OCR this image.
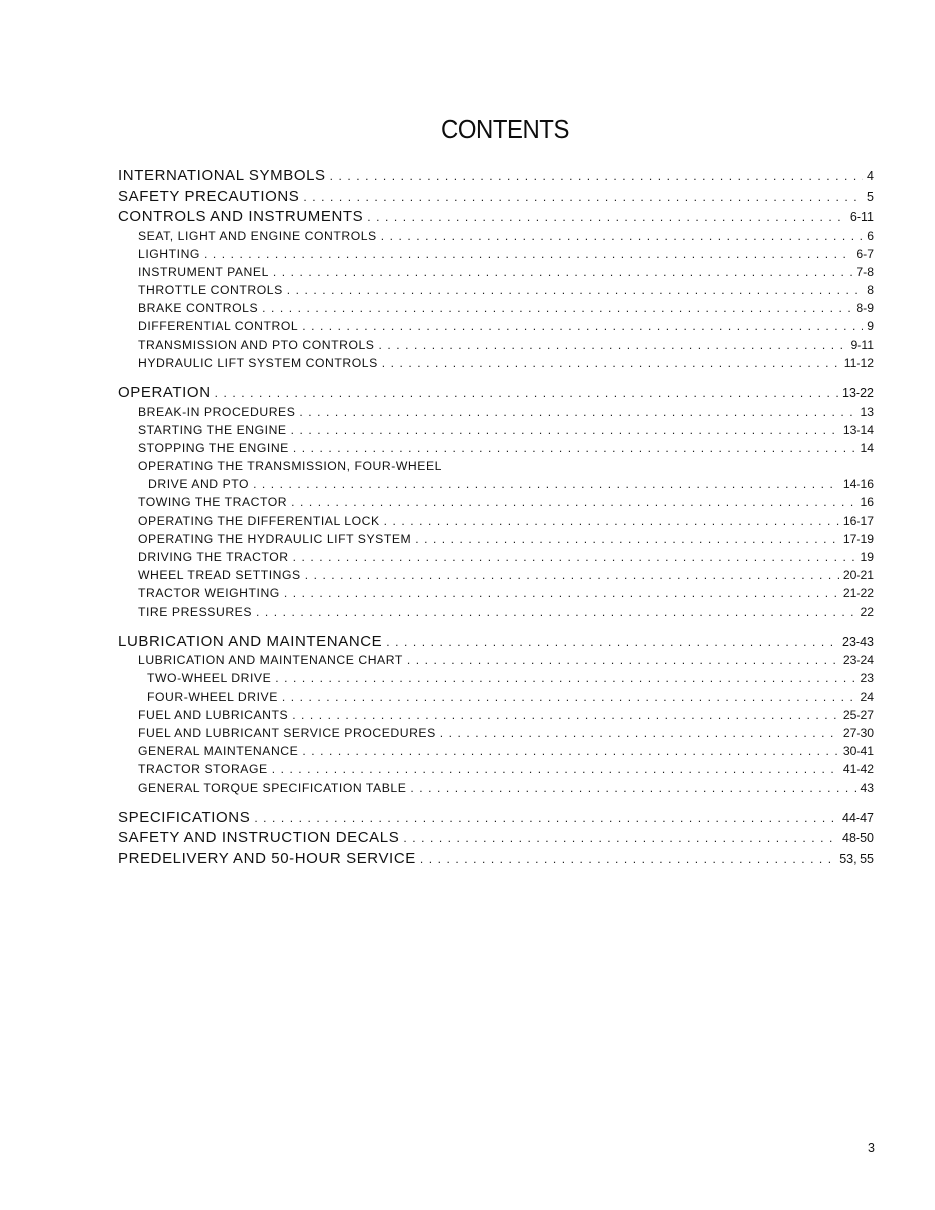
CONTENTS
INTERNATIONAL SYMBOLS . . .	4
SAFETY PRECAUTIONS . . .	5
CONTROLS AND INSTRUMENTS . . .	6-11
SEAT, LIGHT AND ENGINE CONTROLS . . .	6
LIGHTING . . .	6-7
INSTRUMENT PANEL . . .	7-8
THROTTLE CONTROLS . . .	8
BRAKE CONTROLS . . .	8-9
DIFFERENTIAL CONTROL . . .	9
TRANSMISSION AND PTO CONTROLS . . .	9-11
HYDRAULIC LIFT SYSTEM CONTROLS . . .	11-12
OPERATION . . .	13-22
BREAK-IN PROCEDURES . . .	13
STARTING THE ENGINE . . .	13-14
STOPPING THE ENGINE . . .	14
OPERATING THE TRANSMISSION, FOUR-WHEEL
DRIVE AND PTO . . .	14-16
TOWING THE TRACTOR . . .	16
OPERATING THE DIFFERENTIAL LOCK . . .	16-17
OPERATING THE HYDRAULIC LIFT SYSTEM . . .	17-19
DRIVING THE TRACTOR . . .	19
WHEEL TREAD SETTINGS . . .	20-21
TRACTOR WEIGHTING . . .	21-22
TIRE PRESSURES . . .	22
LUBRICATION AND MAINTENANCE . . .	23-43
LUBRICATION AND MAINTENANCE CHART . . .	23-24
TWO-WHEEL DRIVE . . .	23
FOUR-WHEEL DRIVE . . .	24
FUEL AND LUBRICANTS . . .	25-27
FUEL AND LUBRICANT SERVICE PROCEDURES . . .	27-30
GENERAL MAINTENANCE . . .	30-41
TRACTOR STORAGE . . .	41-42
GENERAL TORQUE SPECIFICATION TABLE . . .	43
SPECIFICATIONS . . .	44-47
SAFETY AND INSTRUCTION DECALS . . .	48-50
PREDELIVERY AND 50-HOUR SERVICE . . .	53, 55
3
